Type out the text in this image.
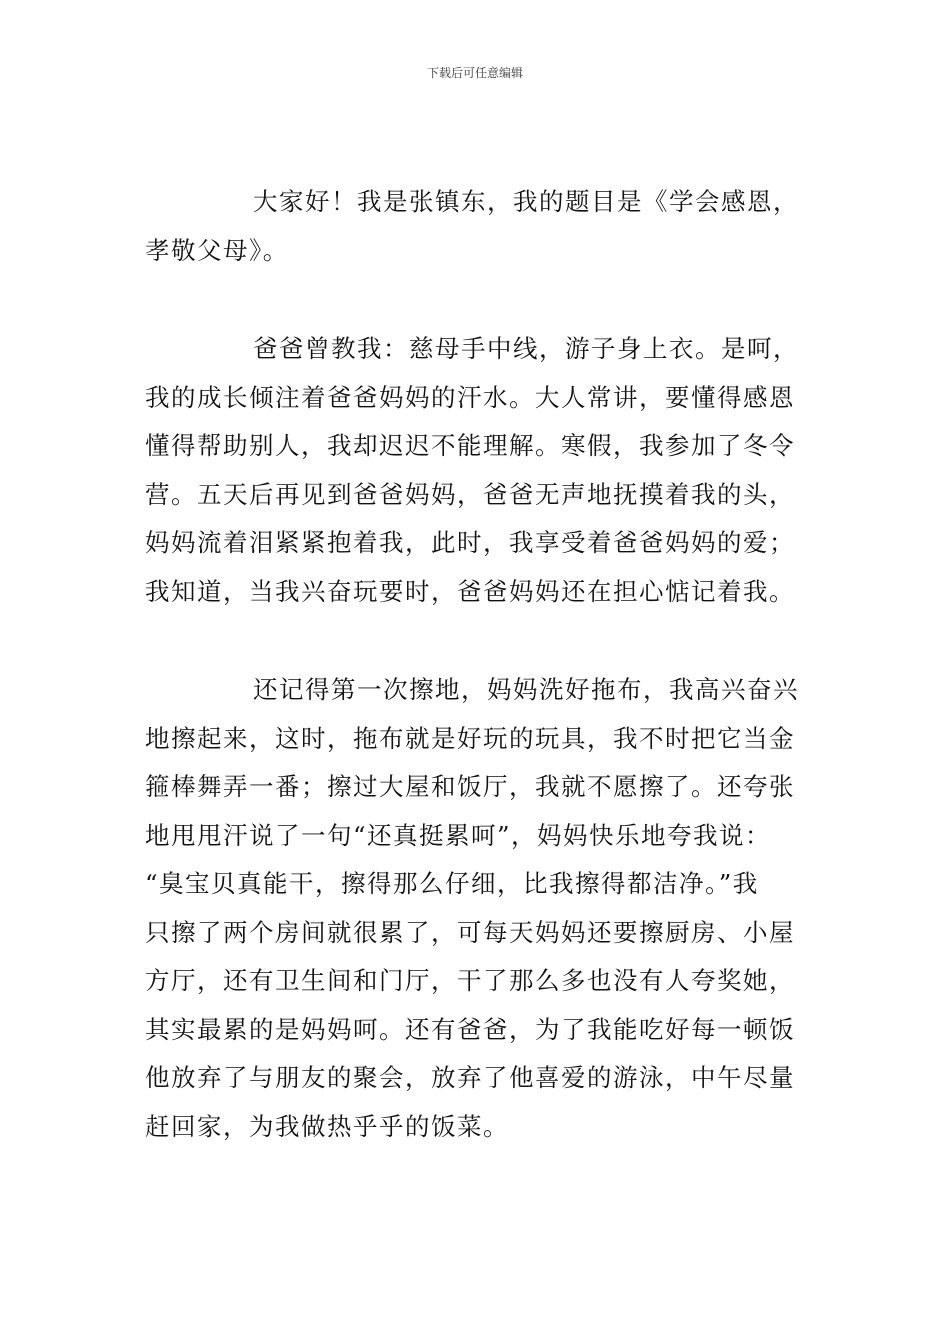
下载后可任意编辑

大家好！我是张镇东，我的题目是《学会感恩，
孝敬父母》。

爸爸曾教我：慈母手中线，游子身上衣。是呵，
我的成长倾注着爸爸妈妈的汗水。大人常讲，要懂得感恩
懂得帮助别人，我却迟迟不能理解。寒假，我参加了冬令
营。五天后再见到爸爸妈妈，爸爸无声地抚摸着我的头，
妈妈流着泪紧紧抱着我，此时，我享受着爸爸妈妈的爱；
我知道，当我兴奋玩要时，爸爸妈妈还在担心惦记着我。

还记得第一次擦地，妈妈洗好拖布，我高兴奋兴
地擦起来，这时，拖布就是好玩的玩具，我不时把它当金
箍棒舞弄一番；擦过大屋和饭厅，我就不愿擦了。还夸张
地甩甩汗说了一句“还真挺累呵”，妈妈快乐地夸我说：
“臭宝贝真能干，擦得那么仔细，比我擦得都洁净。”我
只擦了两个房间就很累了，可每天妈妈还要擦厨房、小屋
方厅，还有卫生间和门厅，干了那么多也没有人夸奖她，
其实最累的是妈妈呵。还有爸爸，为了我能吃好每一顿饭
他放弃了与朋友的聚会，放弃了他喜爱的游泳，中午尽量
赶回家，为我做热乎乎的饭菜。
